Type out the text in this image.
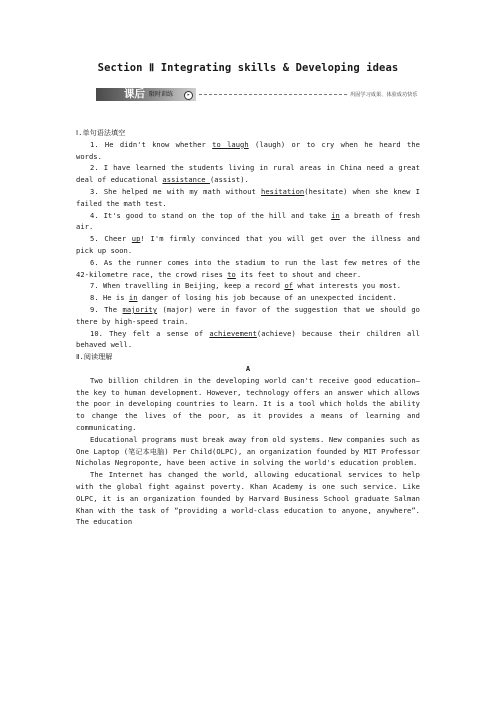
Section Ⅱ Integrating skills & Developing ideas
课后 限时训练	▸	巩固学习成果、体验成功快乐

Ⅰ.单句语法填空

1. He didn't know whether to laugh (laugh) or to cry when he heard the words.

2. I have learned the students living in rural areas in China need a great deal of educational assistance (assist).

3. She helped me with my math without hesitation(hesitate) when she knew I failed the math test.

4. It's good to stand on the top of the hill and take in a breath of fresh air.

5. Cheer up! I'm firmly convinced that you will get over the illness and pick up soon.

6. As the runner comes into the stadium to run the last few metres of the 42-kilometre race, the crowd rises to its feet to shout and cheer.

7. When travelling in Beijing, keep a record of what interests you most.

8. He is in danger of losing his job because of an unexpected incident.

9. The majority (major) were in favor of the suggestion that we should go there by high-speed train.

10. They felt a sense of achievement(achieve) because their children all behaved well.

Ⅱ.阅读理解

A

Two billion children in the developing world can't receive good education—the key to human development. However, technology offers an answer which allows the poor in developing countries to learn. It is a tool which holds the ability to change the lives of the poor, as it provides a means of learning and communicating.

Educational programs must break away from old systems. New companies such as One Laptop (笔记本电脑) Per Child(OLPC), an organization founded by MIT Professor Nicholas Negroponte, have been active in solving the world's education problem.

The Internet has changed the world, allowing educational services to help with the global fight against poverty. Khan Academy is one such service. Like OLPC, it is an organization founded by Harvard Business School graduate Salman Khan with the task of “providing a world-class education to anyone, anywhere”. The education
